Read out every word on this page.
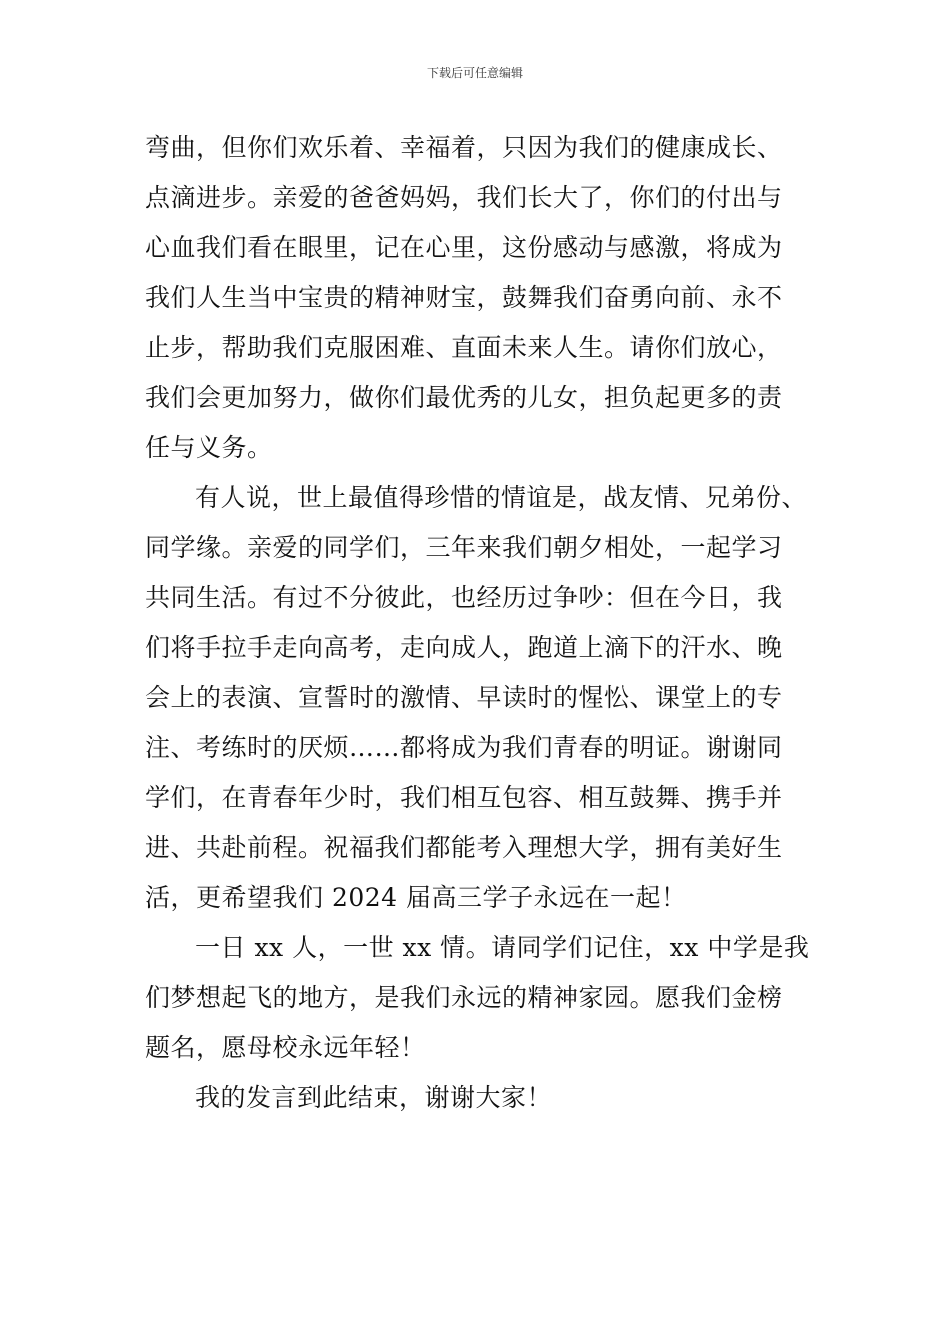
下载后可任意编辑
弯曲，但你们欢乐着、幸福着，只因为我们的健康成长、
点滴进步。亲爱的爸爸妈妈，我们长大了，你们的付出与
心血我们看在眼里，记在心里，这份感动与感激，将成为
我们人生当中宝贵的精神财宝，鼓舞我们奋勇向前、永不
止步，帮助我们克服困难、直面未来人生。请你们放心，
我们会更加努力，做你们最优秀的儿女，担负起更多的责
任与义务。
有人说，世上最值得珍惜的情谊是，战友情、兄弟份、
同学缘。亲爱的同学们，三年来我们朝夕相处，一起学习
共同生活。有过不分彼此，也经历过争吵：但在今日，我
们将手拉手走向高考，走向成人，跑道上滴下的汗水、晚
会上的表演、宣誓时的激情、早读时的惺忪、课堂上的专
注、考练时的厌烦……都将成为我们青春的明证。谢谢同
学们，在青春年少时，我们相互包容、相互鼓舞、携手并
进、共赴前程。祝福我们都能考入理想大学，拥有美好生
活，更希望我们 2024 届高三学子永远在一起！
一日 xx 人，一世 xx 情。请同学们记住，xx 中学是我
们梦想起飞的地方，是我们永远的精神家园。愿我们金榜
题名，愿母校永远年轻！
我的发言到此结束，谢谢大家！
